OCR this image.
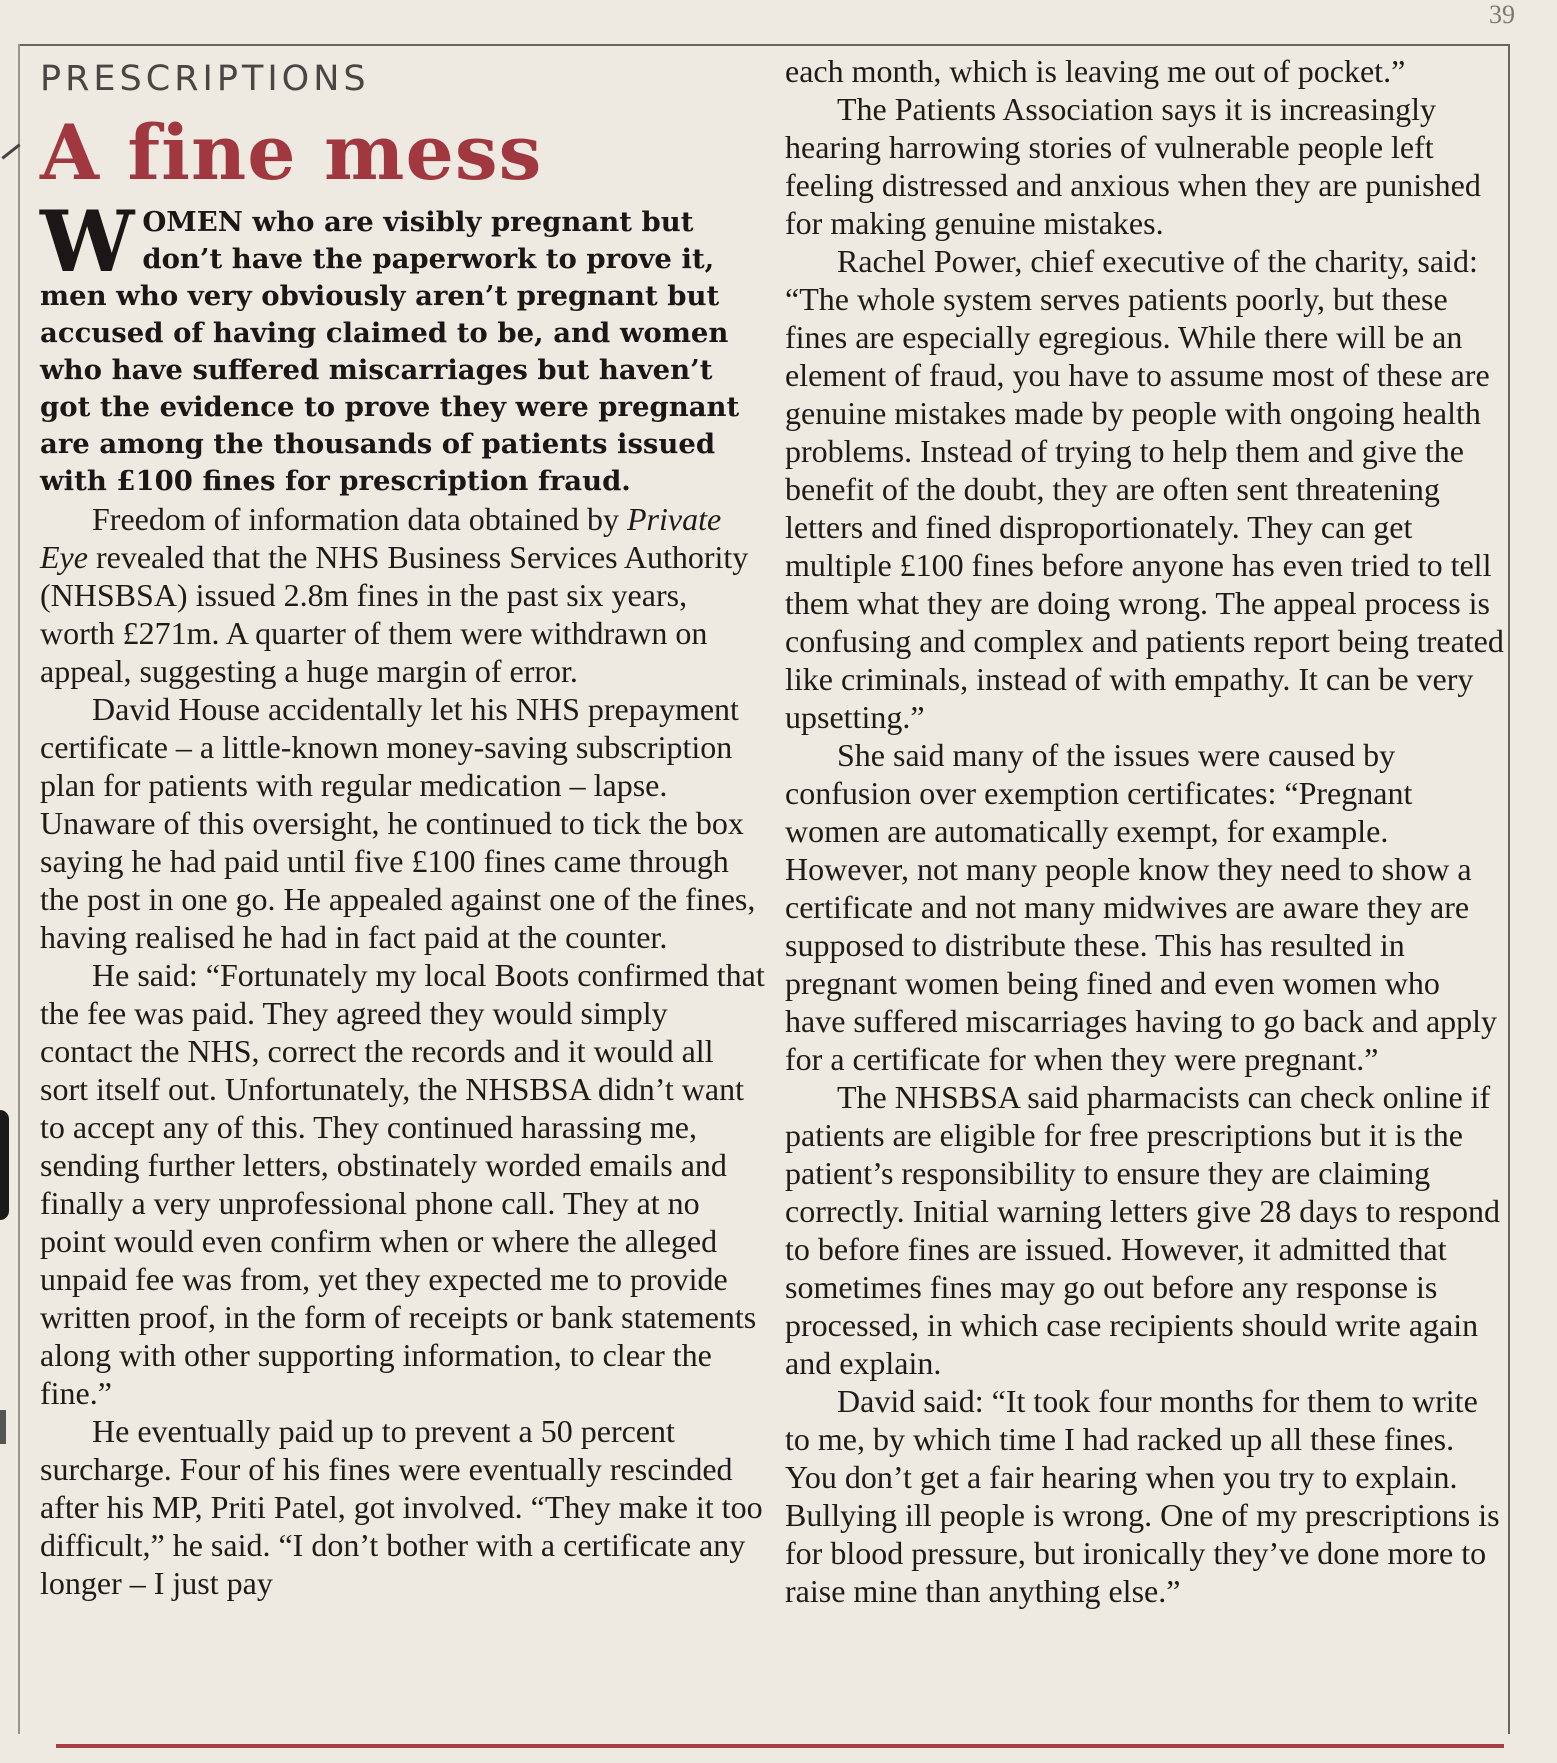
39
PRESCRIPTIONS
A fine mess

WOMEN who are visibly pregnant but don’t have the paperwork to prove it, men who very obviously aren’t pregnant but accused of having claimed to be, and women who have suffered miscarriages but haven’t got the evidence to prove they were pregnant are among the thousands of patients issued with £100 fines for prescription fraud.

Freedom of information data obtained by Private Eye revealed that the NHS Business Services Authority (NHSBSA) issued 2.8m fines in the past six years, worth £271m. A quarter of them were withdrawn on appeal, suggesting a huge margin of error.

David House accidentally let his NHS prepayment certificate – a little-known money-saving subscription plan for patients with regular medication – lapse. Unaware of this oversight, he continued to tick the box saying he had paid until five £100 fines came through the post in one go. He appealed against one of the fines, having realised he had in fact paid at the counter.

He said: “Fortunately my local Boots confirmed that the fee was paid. They agreed they would simply contact the NHS, correct the records and it would all sort itself out. Unfortunately, the NHSBSA didn’t want to accept any of this. They continued harassing me, sending further letters, obstinately worded emails and finally a very unprofessional phone call. They at no point would even confirm when or where the alleged unpaid fee was from, yet they expected me to provide written proof, in the form of receipts or bank statements along with other supporting information, to clear the fine.”

He eventually paid up to prevent a 50 percent surcharge. Four of his fines were eventually rescinded after his MP, Priti Patel, got involved. “They make it too difficult,” he said. “I don’t bother with a certificate any longer – I just pay

each month, which is leaving me out of pocket.”

The Patients Association says it is increasingly hearing harrowing stories of vulnerable people left feeling distressed and anxious when they are punished for making genuine mistakes.

Rachel Power, chief executive of the charity, said: “The whole system serves patients poorly, but these fines are especially egregious. While there will be an element of fraud, you have to assume most of these are genuine mistakes made by people with ongoing health problems. Instead of trying to help them and give the benefit of the doubt, they are often sent threatening letters and fined disproportionately. They can get multiple £100 fines before anyone has even tried to tell them what they are doing wrong. The appeal process is confusing and complex and patients report being treated like criminals, instead of with empathy. It can be very upsetting.”

She said many of the issues were caused by confusion over exemption certificates: “Pregnant women are automatically exempt, for example. However, not many people know they need to show a certificate and not many midwives are aware they are supposed to distribute these. This has resulted in pregnant women being fined and even women who have suffered miscarriages having to go back and apply for a certificate for when they were pregnant.”

The NHSBSA said pharmacists can check online if patients are eligible for free prescriptions but it is the patient’s responsibility to ensure they are claiming correctly. Initial warning letters give 28 days to respond to before fines are issued. However, it admitted that sometimes fines may go out before any response is processed, in which case recipients should write again and explain.

David said: “It took four months for them to write to me, by which time I had racked up all these fines. You don’t get a fair hearing when you try to explain. Bullying ill people is wrong. One of my prescriptions is for blood pressure, but ironically they’ve done more to raise mine than anything else.”
